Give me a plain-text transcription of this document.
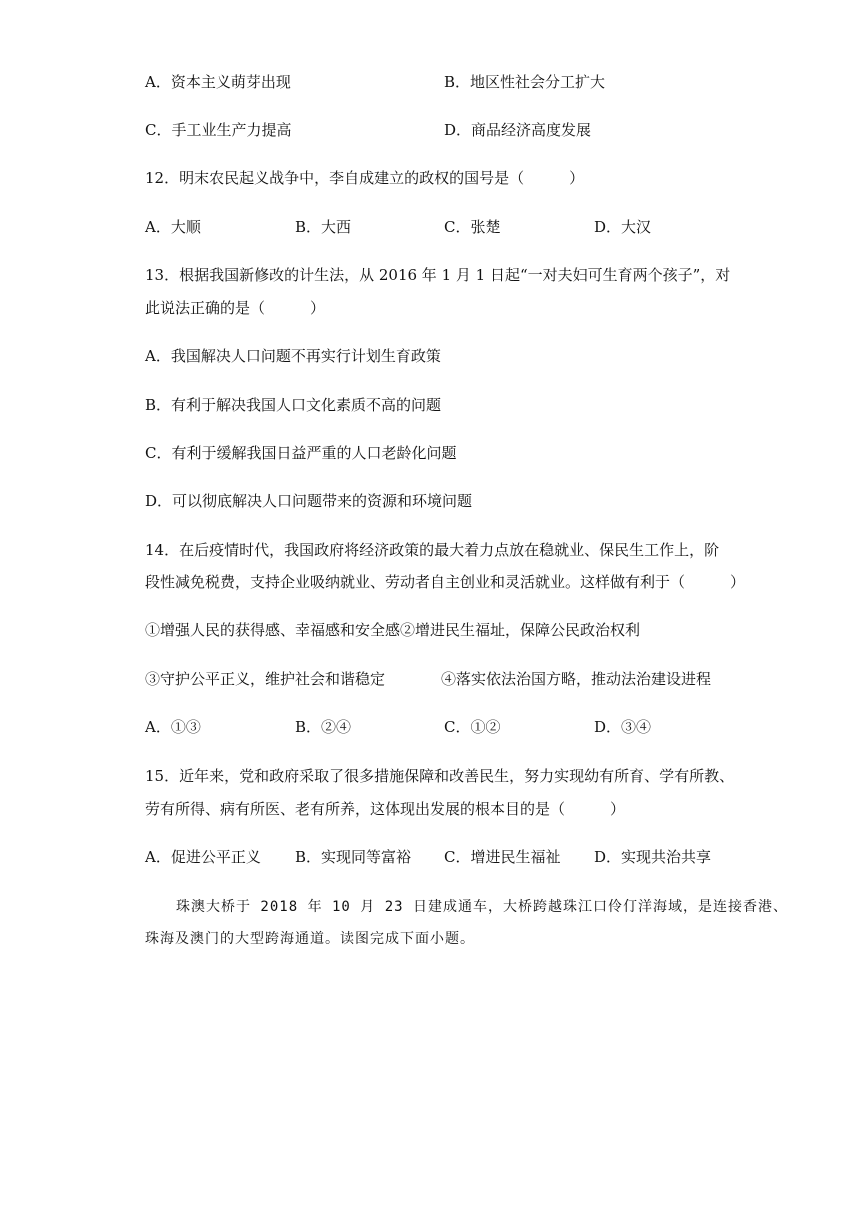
A．资本主义萌芽出现	B．地区性社会分工扩大
C．手工业生产力提高	D．商品经济高度发展
12．明末农民起义战争中，李自成建立的政权的国号是（　　　）
A．大顺	B．大西	C．张楚	D．大汉
13．根据我国新修改的计生法，从 2016 年 1 月 1 日起“一对夫妇可生育两个孩子”，对
此说法正确的是（　　　）
A．我国解决人口问题不再实行计划生育政策
B．有利于解决我国人口文化素质不高的问题
C．有利于缓解我国日益严重的人口老龄化问题
D．可以彻底解决人口问题带来的资源和环境问题
14．在后疫情时代，我国政府将经济政策的最大着力点放在稳就业、保民生工作上，阶
段性减免税费，支持企业吸纳就业、劳动者自主创业和灵活就业。这样做有利于（　　　）
①增强人民的获得感、幸福感和安全感②增进民生福址，保障公民政治权利
③守护公平正义，维护社会和谐稳定	④落实依法治国方略，推动法治建设进程
A．①③	B．②④	C．①②	D．③④
15．近年来，党和政府采取了很多措施保障和改善民生，努力实现幼有所育、学有所教、
劳有所得、病有所医、老有所养，这体现出发展的根本目的是（　　　）
A．促进公平正义 B．实现同等富裕 C．增进民生福祉 D．实现共治共享
珠澳大桥于 2018 年 10 月 23 日建成通车，大桥跨越珠江口伶仃洋海域，是连接香港、
珠海及澳门的大型跨海通道。读图完成下面小题。
